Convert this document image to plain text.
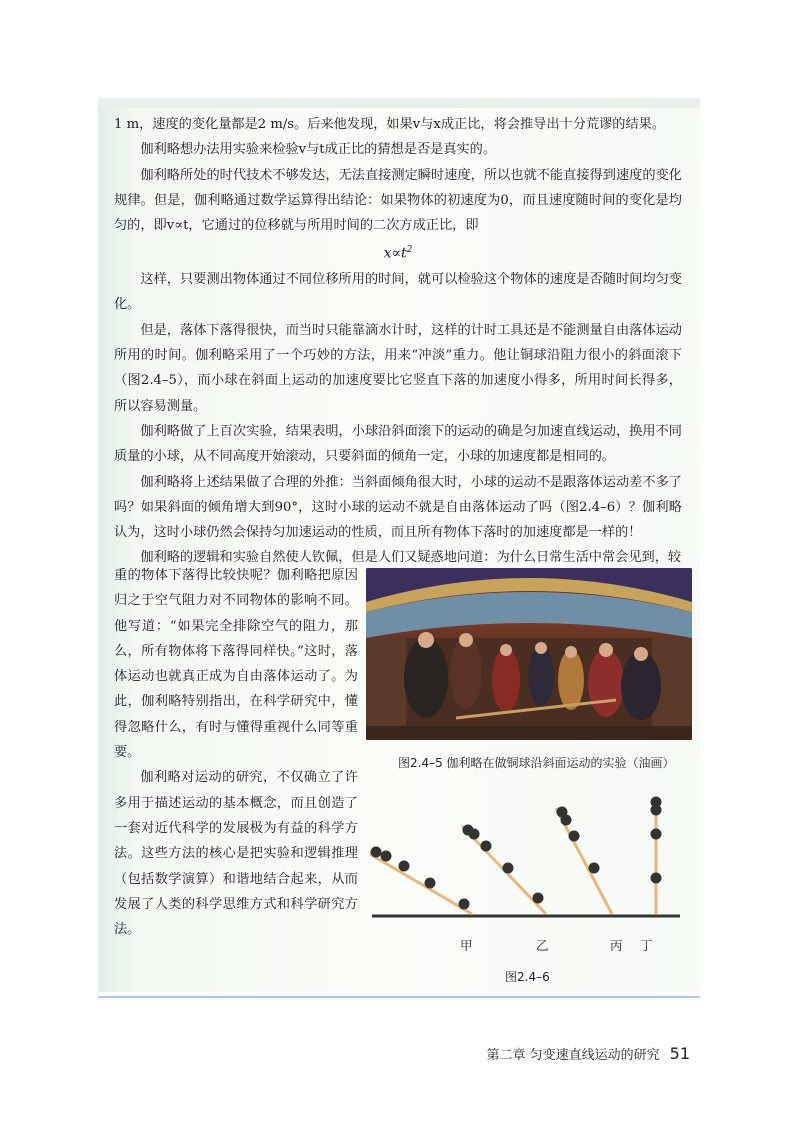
1 m，速度的变化量都是2 m/s。后来他发现，如果v与x成正比，将会推导出十分荒谬的结果。

伽利略想办法用实验来检验v与t成正比的猜想是否是真实的。

伽利略所处的时代技术不够发达，无法直接测定瞬时速度，所以也就不能直接得到速度的变化规律。但是，伽利略通过数学运算得出结论：如果物体的初速度为0，而且速度随时间的变化是均匀的，即v∝t，它通过的位移就与所用时间的二次方成正比，即

$x\propto t^2$

这样，只要测出物体通过不同位移所用的时间，就可以检验这个物体的速度是否随时间均匀变化。

但是，落体下落得很快，而当时只能靠滴水计时，这样的计时工具还是不能测量自由落体运动所用的时间。伽利略采用了一个巧妙的方法，用来“冲淡”重力。他让铜球沿阻力很小的斜面滚下（图2.4–5），而小球在斜面上运动的加速度要比它竖直下落的加速度小得多，所用时间长得多，所以容易测量。

伽利略做了上百次实验，结果表明，小球沿斜面滚下的运动的确是匀加速直线运动，换用不同质量的小球，从不同高度开始滚动，只要斜面的倾角一定，小球的加速度都是相同的。

伽利略将上述结果做了合理的外推：当斜面倾角很大时，小球的运动不是跟落体运动差不多了吗？如果斜面的倾角增大到90°，这时小球的运动不就是自由落体运动了吗（图2.4–6）？伽利略认为，这时小球仍然会保持匀加速运动的性质，而且所有物体下落时的加速度都是一样的！

伽利略的逻辑和实验自然使人钦佩，但是人们又疑惑地问道：为什么日常生活中常会见到，较

重的物体下落得比较快呢？伽利略把原因归之于空气阻力对不同物体的影响不同。他写道：“如果完全排除空气的阻力，那么，所有物体将下落得同样快。”这时，落体运动也就真正成为自由落体运动了。为此，伽利略特别指出，在科学研究中，懂得忽略什么，有时与懂得重视什么同等重要。

伽利略对运动的研究，不仅确立了许多用于描述运动的基本概念，而且创造了一套对近代科学的发展极为有益的科学方法。这些方法的核心是把实验和逻辑推理（包括数学演算）和谐地结合起来，从而发展了人类的科学思维方式和科学研究方法。

图2.4–5 伽利略在做铜球沿斜面运动的实验（油画）
甲	乙	丙 丁
图2.4–6
第二章 匀变速直线运动的研究 51
